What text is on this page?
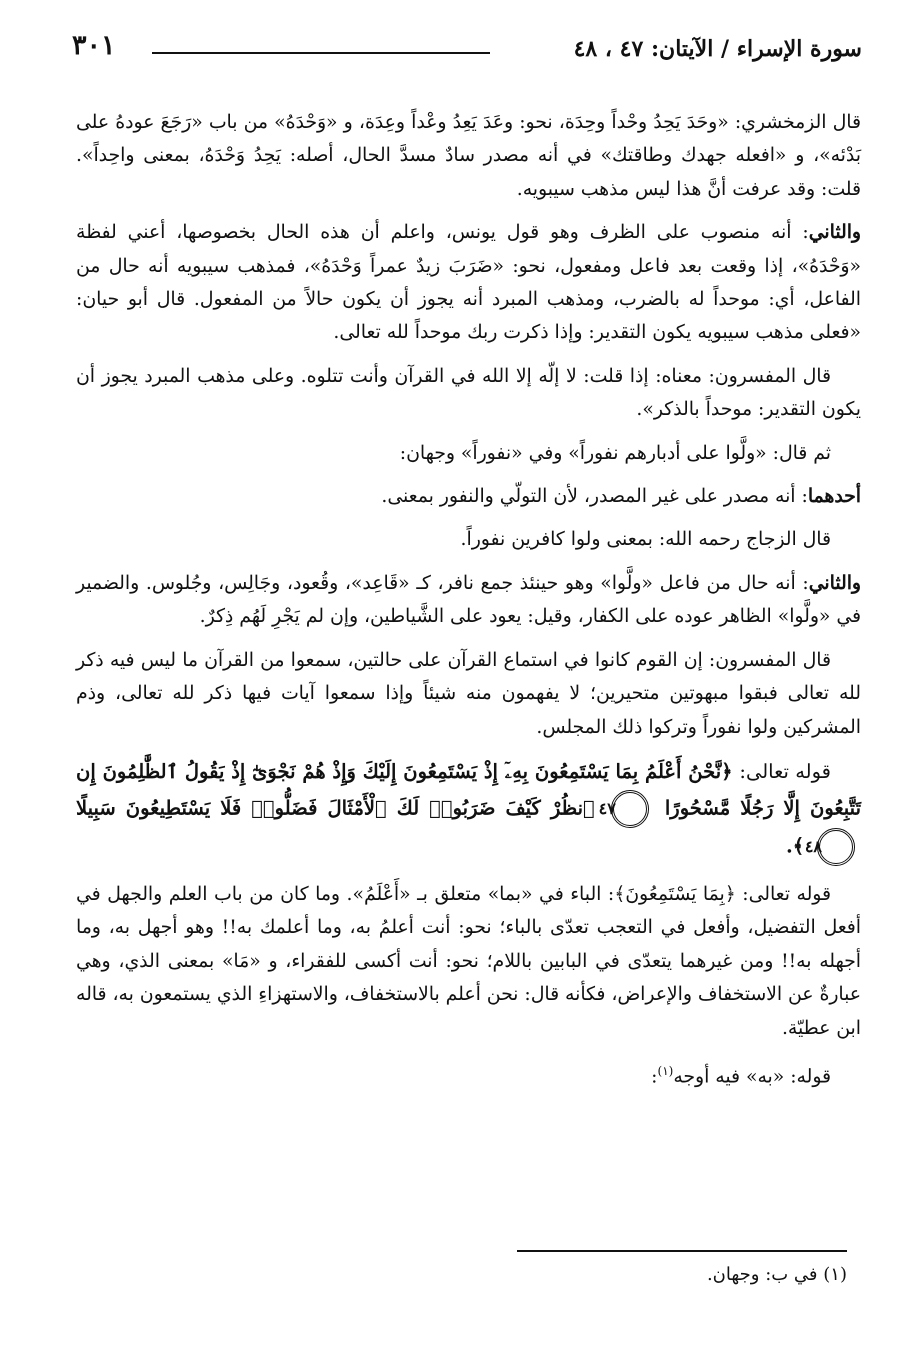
سورة الإسراء / الآيتان: ٤٧ ، ٤٨
٣٠١

قال الزمخشري: «وحَدَ يَحِدُ وحْداً وحِدَة، نحو: وعَدَ يَعِدُ وعْداً وعِدَة، و «وَحْدَهُ» من باب «رَجَعَ عودهُ على بَدْئه»، و «افعله جهدك وطاقتك» في أنه مصدر سادٌ مسدَّ الحال، أصله: يَحِدُ وَحْدَهُ، بمعنى واحِداً». قلت: وقد عرفت أنَّ هذا ليس مذهب سيبويه.

والثاني: أنه منصوب على الظرف وهو قول يونس، واعلم أن هذه الحال بخصوصها، أعني لفظة «وَحْدَهُ»، إذا وقعت بعد فاعل ومفعول، نحو: «ضَرَبَ زيدٌ عمراً وَحْدَهُ»، فمذهب سيبويه أنه حال من الفاعل، أي: موحداً له بالضرب، ومذهب المبرد أنه يجوز أن يكون حالاً من المفعول. قال أبو حيان: «فعلى مذهب سيبويه يكون التقدير: وإذا ذكرت ربك موحداً لله تعالى.

قال المفسرون: معناه: إذا قلت: لا إلّه إلا الله في القرآن وأنت تتلوه. وعلى مذهب المبرد يجوز أن يكون التقدير: موحداً بالذكر».

ثم قال: «ولَّوا على أدبارهم نفوراً» وفي «نفوراً» وجهان:

أحدهما: أنه مصدر على غير المصدر، لأن التولّي والنفور بمعنى.

قال الزجاج رحمه الله: بمعنى ولوا كافرين نفوراً.

والثاني: أنه حال من فاعل «ولَّوا» وهو حينئذ جمع نافر، كـ «قَاعِد»، وقُعود، وجَالِس، وجُلوس. والضمير في «ولَّوا» الظاهر عوده على الكفار، وقيل: يعود على الشَّياطين، وإن لم يَجْرِ لَهُم ذِكرٌ.

قال المفسرون: إن القوم كانوا في استماع القرآن على حالتين، سمعوا من القرآن ما ليس فيه ذكر لله تعالى فبقوا مبهوتين متحيرين؛ لا يفهمون منه شيئاً وإذا سمعوا آيات فيها ذكر لله تعالى، وذم المشركين ولوا نفوراً وتركوا ذلك المجلس.

قوله تعالى: ﴿نَّحْنُ أَعْلَمُ بِمَا يَسْتَمِعُونَ بِهِۦٓ إِذْ يَسْتَمِعُونَ إِلَيْكَ وَإِذْ هُمْ نَجْوَىٰٓ إِذْ يَقُولُ ٱلظَّٰلِمُونَ إِن تَتَّبِعُونَ إِلَّا رَجُلًا مَّسْحُورًا ٤٧ ٱنظُرْ كَيْفَ ضَرَبُوا۟ لَكَ ٱلْأَمْثَالَ فَضَلُّوا۟ فَلَا يَسْتَطِيعُونَ سَبِيلًا ٤٨ ﴾.

قوله تعالى: ﴿بِمَا يَسْتَمِعُونَ﴾: الباء في «بما» متعلق بـ «أَعْلَمُ». وما كان من باب العلم والجهل في أفعل التفضيل، وأفعل في التعجب تعدّى بالباء؛ نحو: أنت أعلمُ به، وما أعلمك به!! وهو أجهل به، وما أجهله به!! ومن غيرهما يتعدّى في البابين باللام؛ نحو: أنت أكسى للفقراء، و «مَا» بمعنى الذي، وهي عبارةٌ عن الاستخفاف والإعراض، فكأنه قال: نحن أعلم بالاستخفاف، والاستهزاءِ الذي يستمعون به، قاله ابن عطيّة.

قوله: «به» فيه أوجه$^{(١)}$:

(١) في ب: وجهان.
